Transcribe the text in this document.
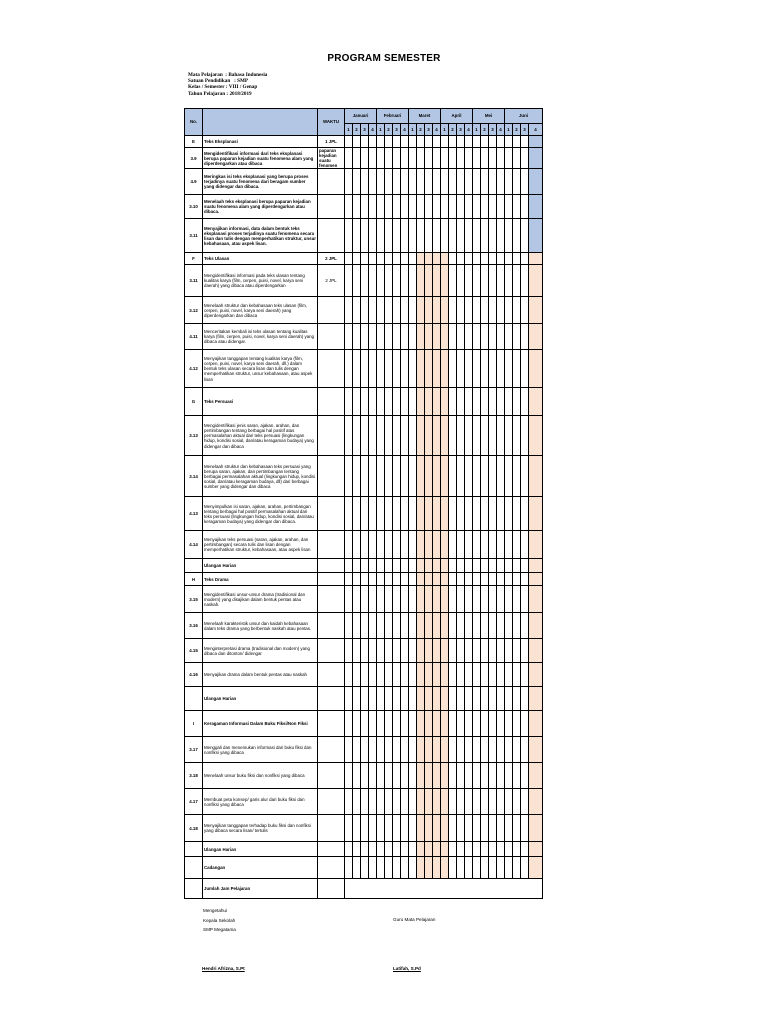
PROGRAM SEMESTER
Mata Pelajaran  : Bahasa Indonesia
Satuan Pendidikan   : SMP
Kelas / Semester : VIII / Genap
Tahun Pelajaran : 2018/2019
No.		WAKTU	Januari				Februari				Maret				April				Mei				Juni			
			1	2	3	4	1	2	3	4	1	2	3	4	1	2	3	4	1	2	3	4	1	2	3	4
E	Teks Eksplanasi	1 JPL																								
3.9	Mengidentifikasi informasi dari teks eksplanasi berupa paparan kejadian suatu fenomena alam yang diperdengarkan atau dibaca	paparan kejadian suatu fenomen																								
4.9	Meringkas isi teks eksplanasi yang berupa proses terjadinya suatu fenomena dari beragam sumber yang didengar dan dibaca.																									
3.10	Menelaah teks eksplanasi berupa paparan kejadian suatu fenomena alam yang diperdengarkan atau dibaca.																									
3.11	Menyajikan informasi, data dalam bentuk teks eksplanasi proses terjadinya suatu fenomena secara lisan dan tulis dengan memperhatikan struktur, unsur kebahasaan, atau aspek lisan.																									
F	Teks Ulasan	2 JPL																								
3.11	Mengidentifikasi informasi pada teks ulasan tentang kualitas karya (film, cerpen, puisi, novel, karya seni daerah) yang dibaca atau diperdengarkan	2 JPL																								
3.12	Menelaah struktur dan kebahasaan teks ulasan (film, cerpen, puisi, novel, karya seni daerah) yang diperdengarkan dan dibaca																									
4.11	Menceritakan kembali isi teks ulasan tentang kualitas karya (film, cerpen, puisi, novel, karya seni daerah) yang dibaca atau didengar.																									
4.12	Menyajikan tanggapan tentang kualitas karya (film, cerpen, puisi, novel, karya seni daerah, dll.) dalam bentuk teks ulasan secara lisan dan tulis dengan memperhatikan struktur, unsur kebahasaan, atau aspek lisan																									
G	Teks Persuasi																									
3.13	Mengidentifikasi jenis saran, ajakan, arahan, dan pertimbangan tentang berbagai hal positif atas permasalahan aktual dari teks persuasi (lingkungan hidup, kondisi sosial, dan/atau keragaman budaya) yang didengar dan dibaca																									
3.14	Menelaah struktur dan kebahasaan teks persuasi yang berupa saran, ajakan, dan pertimbangan tentang berbagai permasalahan aktual (lingkungan hidup, kondisi sosial, dan/atau keragaman budaya, dll) dari berbagai sumber yang didengar dan dibaca																									
4.13	Menyimpulkan isi saran, ajakan, arahan, pertimbangan tentang berbagai hal positif permasalahan aktual dari teks persuasi (lingkungan hidup, kondisi sosial, dan/atau keragaman budaya) yang didengar dan dibaca.																									
4.14	Menyajikan teks persuasi (saran, ajakan, arahan, dan pertimbangan) secara tulis dan lisan dengan memperhatikan struktur, kebahasaan, atau aspek lisan																									
	Ulangan Harian																									
H	Teks Drama																									
3.15	Mengidentifikasi unsur-unsur drama (tradisional dan modern) yang disajikan dalam bentuk pentas atau naskah.																									
3.16	Menelaah karakteristik unsur dan kaidah kebahasaan dalam teks drama yang berbentuk naskah atau pentas.																									
4.15	Menginterpretasi drama (tradisional dan modern) yang dibaca dan ditonton/ didengar																									
4.16	Menyajikan drama dalam bentuk pentas atau naskah																									
	Ulangan Harian																									
I	Keragaman Informasi Dalam Buku Fiksi/Non Fiksi																									
3.17	Menggali dan menemukan informasi dari buku fiksi dan nonfiksi yang dibaca																									
3.18	Menelaah unsur buku fiksi dan nonfiksi yang dibaca																									
4.17	Membuat peta konsep/ garis alur dari buku fiksi dan nonfiksi yang dibaca																									
4.18	Menyajikan tanggapan terhadap buku fiksi dan nonfiksi yang dibaca secara lisan/ tertulis																									
	Ulangan Harian																									
	Cadangan																									
	Jumlah Jam Pelajaran																									
Mengetahui
Kepala Sekolah
SMP Megatama
Guru Mata Pelajaran
Hendri Afrizna, S.Pt	Latifah, S.Pd
